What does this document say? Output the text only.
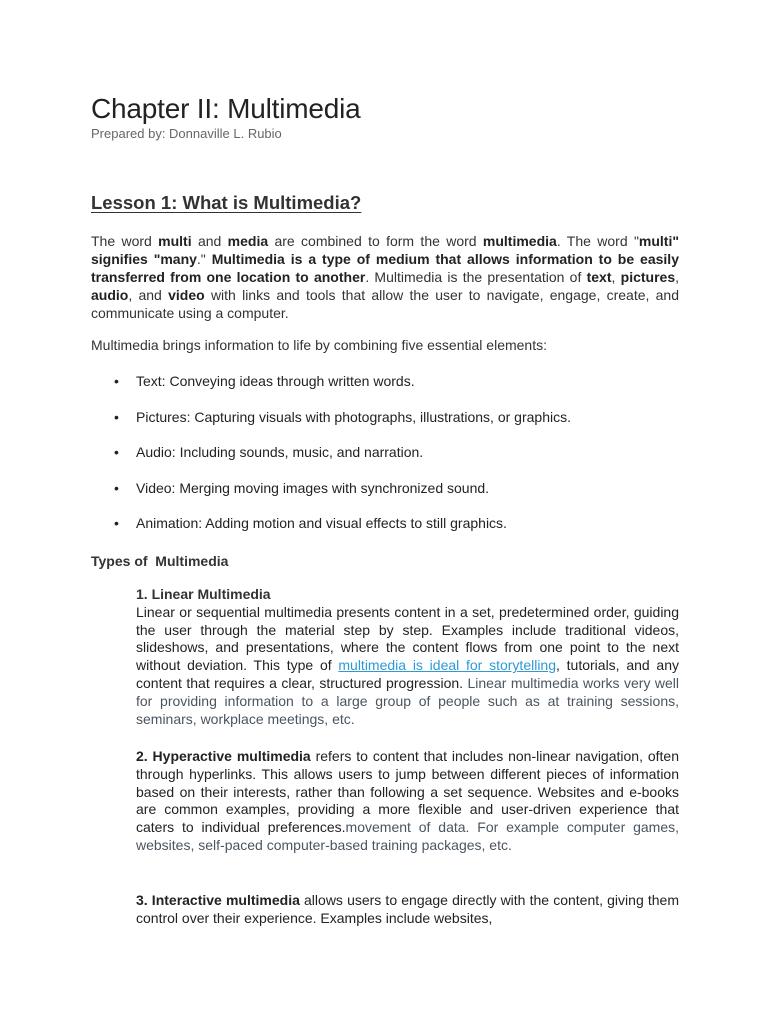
Chapter II: Multimedia
Prepared by: Donnaville L. Rubio
Lesson 1: What is Multimedia?

The word multi and media are combined to form the word multimedia. The word "multi" signifies "many." Multimedia is a type of medium that allows information to be easily transferred from one location to another. Multimedia is the presentation of text, pictures, audio, and video with links and tools that allow the user to navigate, engage, create, and communicate using a computer.

Multimedia brings information to life by combining five essential elements:

• Text: Conveying ideas through written words.
• Pictures: Capturing visuals with photographs, illustrations, or graphics.
• Audio: Including sounds, music, and narration.
• Video: Merging moving images with synchronized sound.
• Animation: Adding motion and visual effects to still graphics.
Types of  Multimedia
1. Linear Multimedia
Linear or sequential multimedia presents content in a set, predetermined order, guiding the user through the material step by step. Examples include traditional videos, slideshows, and presentations, where the content flows from one point to the next without deviation. This type of multimedia is ideal for storytelling, tutorials, and any content that requires a clear, structured progression. Linear multimedia works very well for providing information to a large group of people such as at training sessions, seminars, workplace meetings, etc.
2. Hyperactive multimedia refers to content that includes non-linear navigation, often through hyperlinks. This allows users to jump between different pieces of information based on their interests, rather than following a set sequence. Websites and e-books are common examples, providing a more flexible and user-driven experience that caters to individual preferences.movement of data. For example computer games, websites, self-paced computer-based training packages, etc.
3. Interactive multimedia allows users to engage directly with the content, giving them control over their experience. Examples include websites,
